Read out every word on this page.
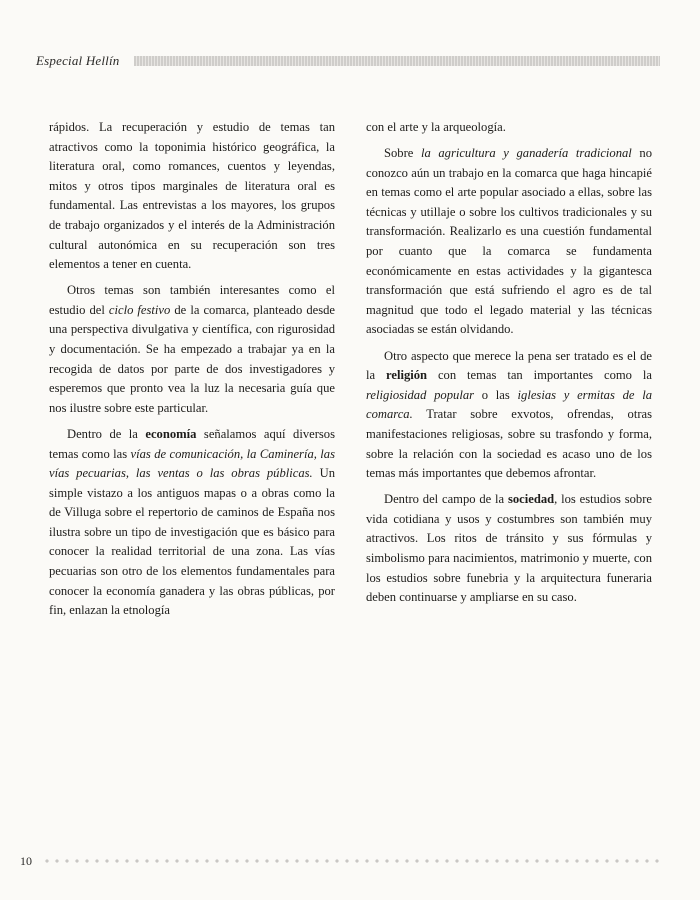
Especial Hellín

rápidos. La recuperación y estudio de temas tan atractivos como la toponimia histórico geográfica, la literatura oral, como romances, cuentos y leyendas, mitos y otros tipos marginales de literatura oral es fundamental. Las entrevistas a los mayores, los grupos de trabajo organizados y el interés de la Administración cultural autonómica en su recuperación son tres elementos a tener en cuenta.

Otros temas son también interesantes como el estudio del ciclo festivo de la comarca, planteado desde una perspectiva divulgativa y científica, con rigurosidad y documentación. Se ha empezado a trabajar ya en la recogida de datos por parte de dos investigadores y esperemos que pronto vea la luz la necesaria guía que nos ilustre sobre este particular.

Dentro de la economía señalamos aquí diversos temas como las vías de comunicación, la Caminería, las vías pecuarias, las ventas o las obras públicas. Un simple vistazo a los antiguos mapas o a obras como la de Villuga sobre el repertorio de caminos de España nos ilustra sobre un tipo de investigación que es básico para conocer la realidad territorial de una zona. Las vías pecuarias son otro de los elementos fundamentales para conocer la economía ganadera y las obras públicas, por fin, enlazan la etnología

con el arte y la arqueología.

Sobre la agricultura y ganadería tradicional no conozco aún un trabajo en la comarca que haga hincapié en temas como el arte popular asociado a ellas, sobre las técnicas y utillaje o sobre los cultivos tradicionales y su transformación. Realizarlo es una cuestión fundamental por cuanto que la comarca se fundamenta económicamente en estas actividades y la gigantesca transformación que está sufriendo el agro es de tal magnitud que todo el legado material y las técnicas asociadas se están olvidando.

Otro aspecto que merece la pena ser tratado es el de la religión con temas tan importantes como la religiosidad popular o las iglesias y ermitas de la comarca. Tratar sobre exvotos, ofrendas, otras manifestaciones religiosas, sobre su trasfondo y forma, sobre la relación con la sociedad es acaso uno de los temas más importantes que debemos afrontar.

Dentro del campo de la sociedad, los estudios sobre vida cotidiana y usos y costumbres son también muy atractivos. Los ritos de tránsito y sus fórmulas y simbolismo para nacimientos, matrimonio y muerte, con los estudios sobre funebria y la arquitectura funeraria deben continuarse y ampliarse en su caso.

10
